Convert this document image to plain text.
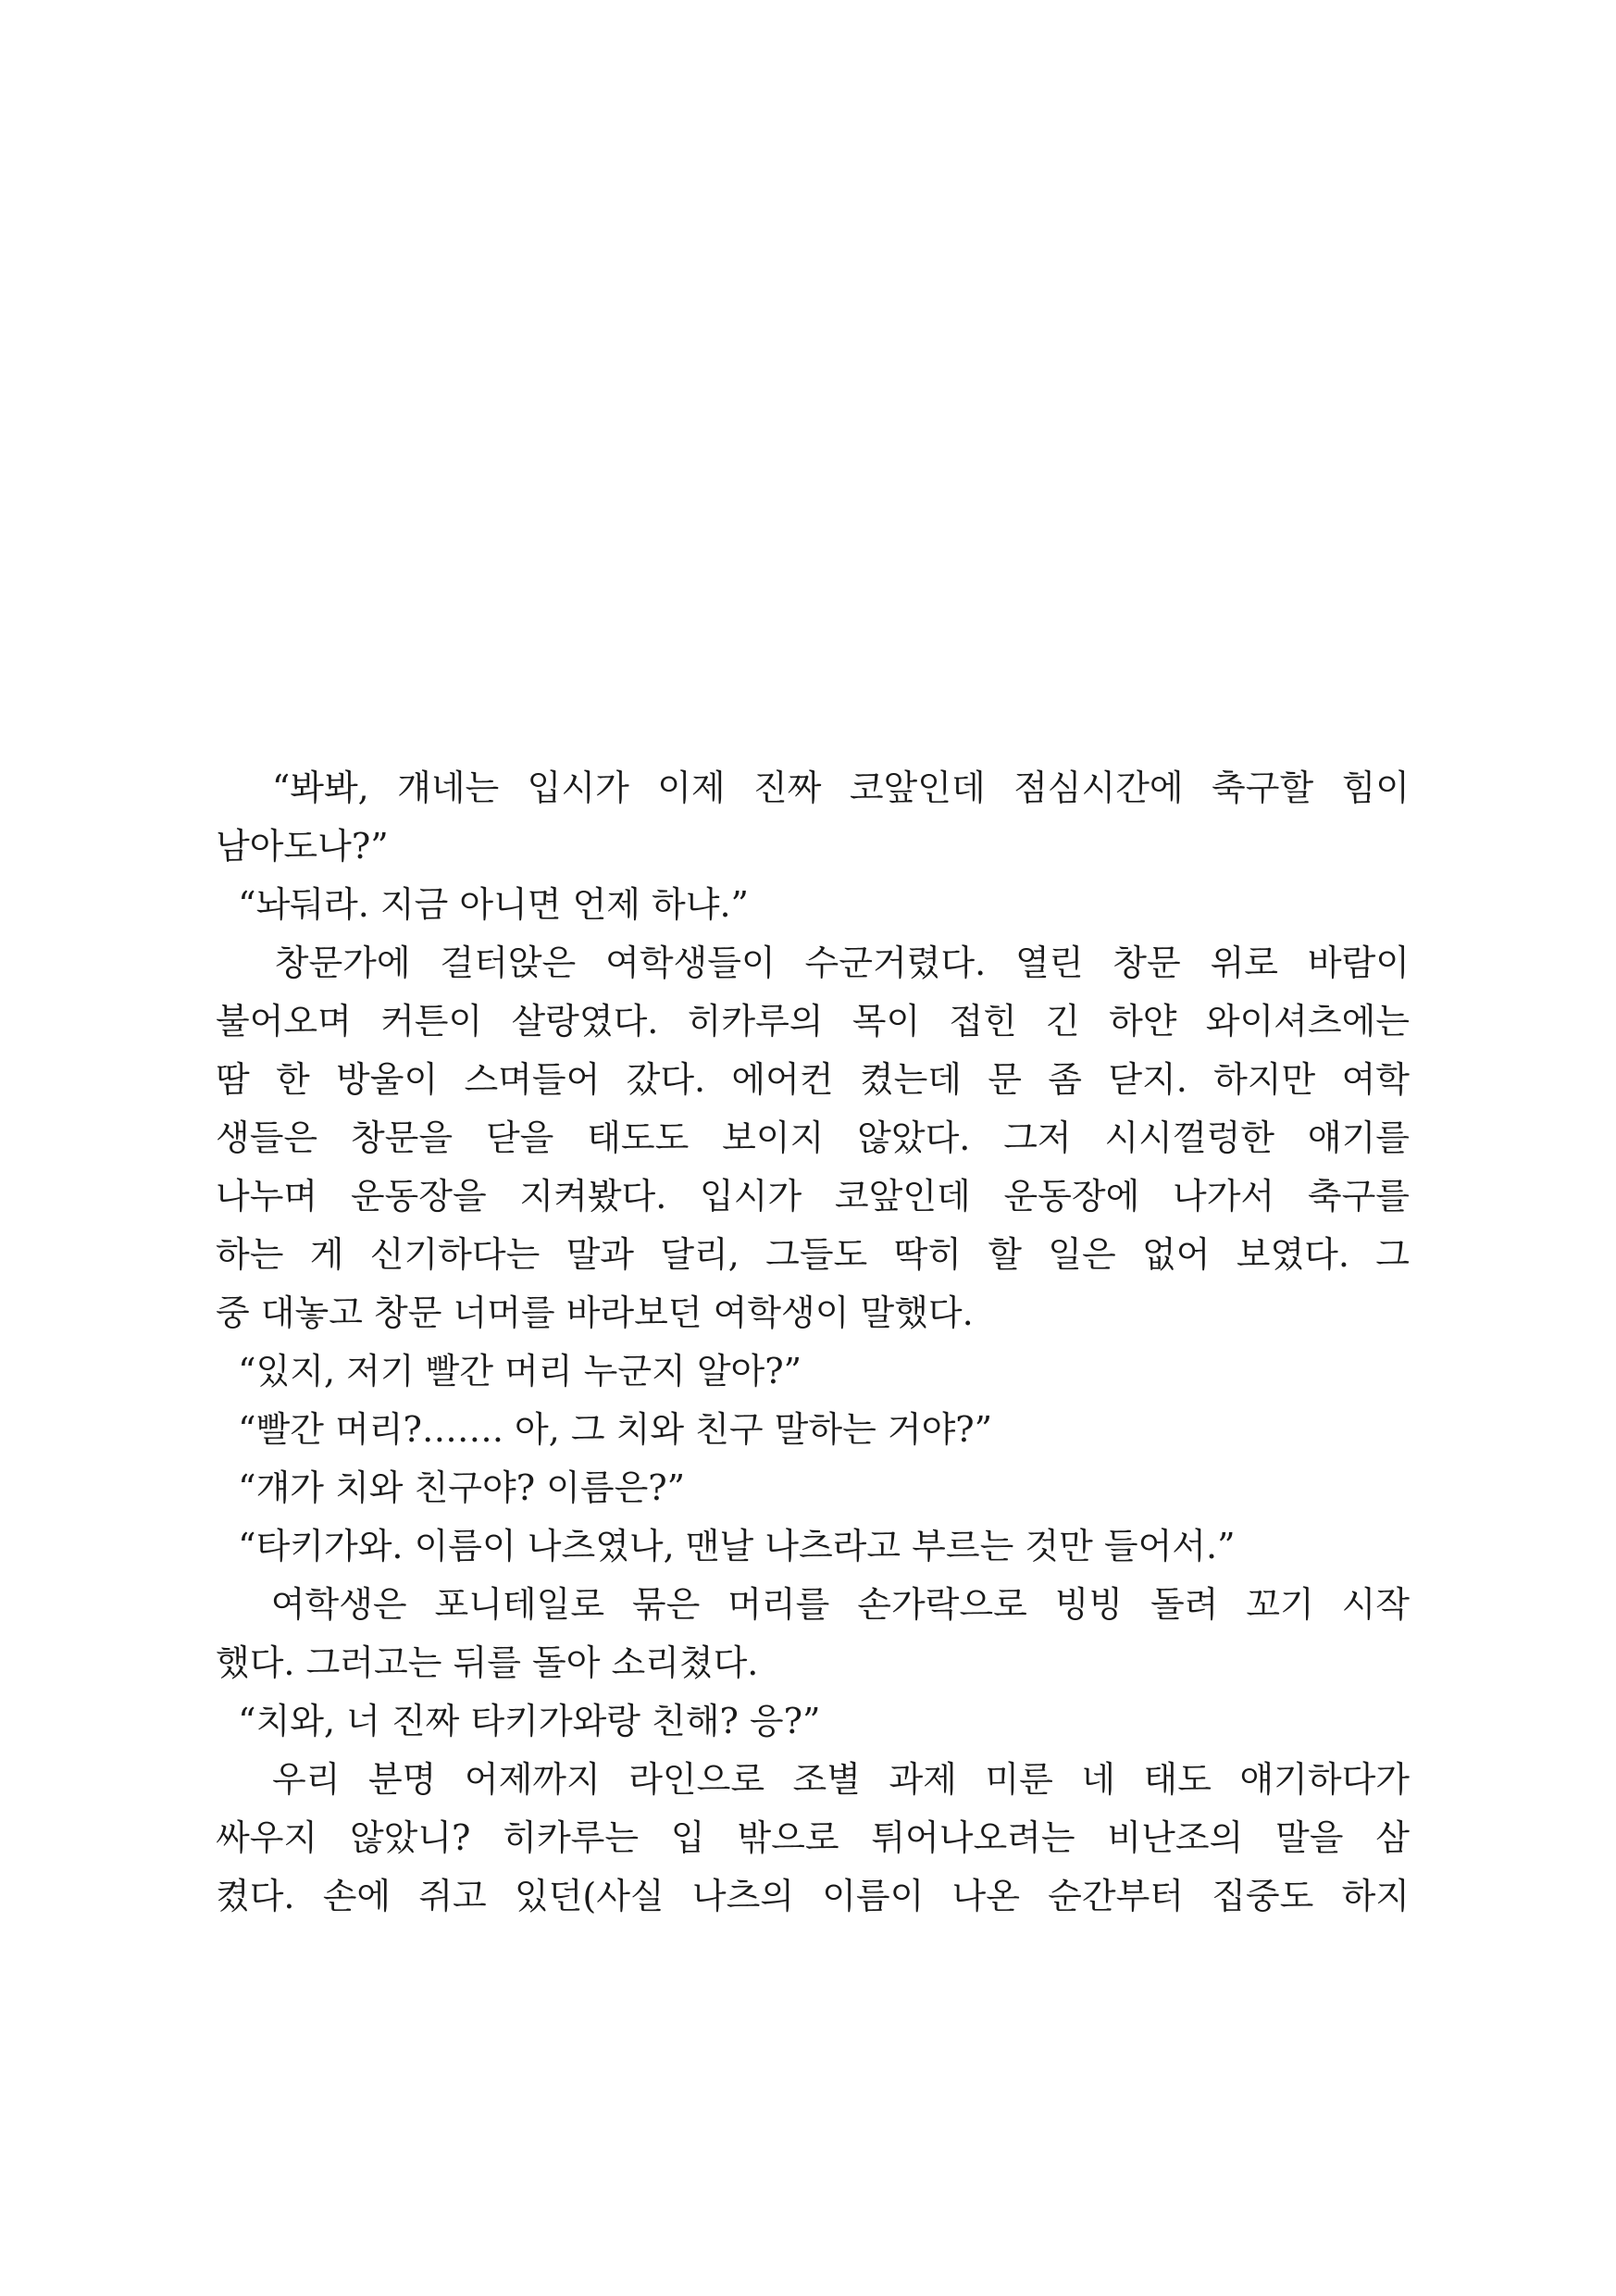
“봐봐, 걔네는 입시가 이제 진짜 코앞인데 점심시간에 축구할 힘이
남아도나?”
“놔둬라. 지금 아니면 언제 하냐.”
창문가에 걸터앉은 여학생들이 수군거렸다. 열린 창문 위로 바람이
불어오며 커튼이 살랑였다. 히카루의 목이 접힌 긴 하얀 와이셔츠에는
땀 한 방울이 스며들어 갔다. 에어컨 켰는데 문 좀 닫지. 하지만 여학
생들은 창문을 닫을 태도도 보이지 않았다. 그저 시시껄렁한 얘기를
나누며 운동장을 지켜봤다. 입시가 코앞인데 운동장에 나가서 축구를
하는 게 신기하다는 말과 달리, 그들도 딱히 할 일은 없어 보였다. 그
중 대놓고 창문 너머를 바라보던 여학생이 말했다.
“있지, 저기 빨간 머리 누군지 알아?”
“빨간 머리?……. 아, 그 치와 친구 말하는 거야?”
“걔가 치와 친구야? 이름은?”
“타키가와. 이름이 나츠였나, 맨날 나츠라고 부르는 것만 들어서.”
여학생은 포니테일로 묶은 머리를 손가락으로 빙빙 돌려 꼬기 시작
했다. 그러고는 뒤를 돌아 소리쳤다.
“치와, 너 진짜 타키가와랑 친해? 응?”
우리 분명 어제까지 라인으로 조별 과제 미룬 네 태도 얘기하다가
싸우지 않았니? 히카루는 입 밖으로 튀어나오려는 비난조의 말을 삼
켰다. 손에 쥐고 있던(사실 나츠의 이름이 나온 순간부터 집중도 하지
